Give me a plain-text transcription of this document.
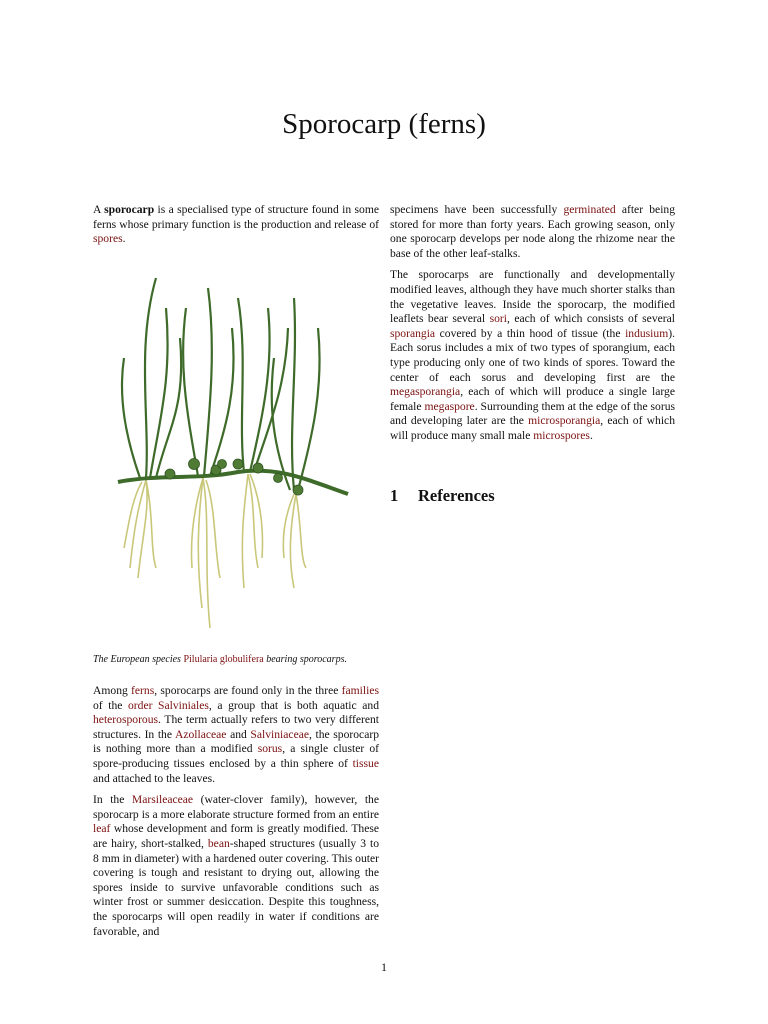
Sporocarp (ferns)

A sporocarp is a specialised type of structure found in some ferns whose primary function is the production and release of spores.

The European species Pilularia globulifera bearing sporocarps.

Among ferns, sporocarps are found only in the three families of the order Salviniales, a group that is both aquatic and heterosporous. The term actually refers to two very different structures. In the Azollaceae and Salviniaceae, the sporocarp is nothing more than a modified sorus, a single cluster of spore-producing tissues enclosed by a thin sphere of tissue and attached to the leaves.

In the Marsileaceae (water-clover family), however, the sporocarp is a more elaborate structure formed from an entire leaf whose development and form is greatly modified. These are hairy, short-stalked, bean-shaped structures (usually 3 to 8 mm in diameter) with a hardened outer covering. This outer covering is tough and resistant to drying out, allowing the spores inside to survive unfavorable conditions such as winter frost or summer desiccation. Despite this toughness, the sporocarps will open readily in water if conditions are favorable, and

specimens have been successfully germinated after being stored for more than forty years. Each growing season, only one sporocarp develops per node along the rhizome near the base of the other leaf-stalks.

The sporocarps are functionally and developmentally modified leaves, although they have much shorter stalks than the vegetative leaves. Inside the sporocarp, the modified leaflets bear several sori, each of which consists of several sporangia covered by a thin hood of tissue (the indusium). Each sorus includes a mix of two types of sporangium, each type producing only one of two kinds of spores. Toward the center of each sorus and developing first are the megasporangia, each of which will produce a single large female megaspore. Surrounding them at the edge of the sorus and developing later are the microsporangia, each of which will produce many small male microspores.

1 References
1
